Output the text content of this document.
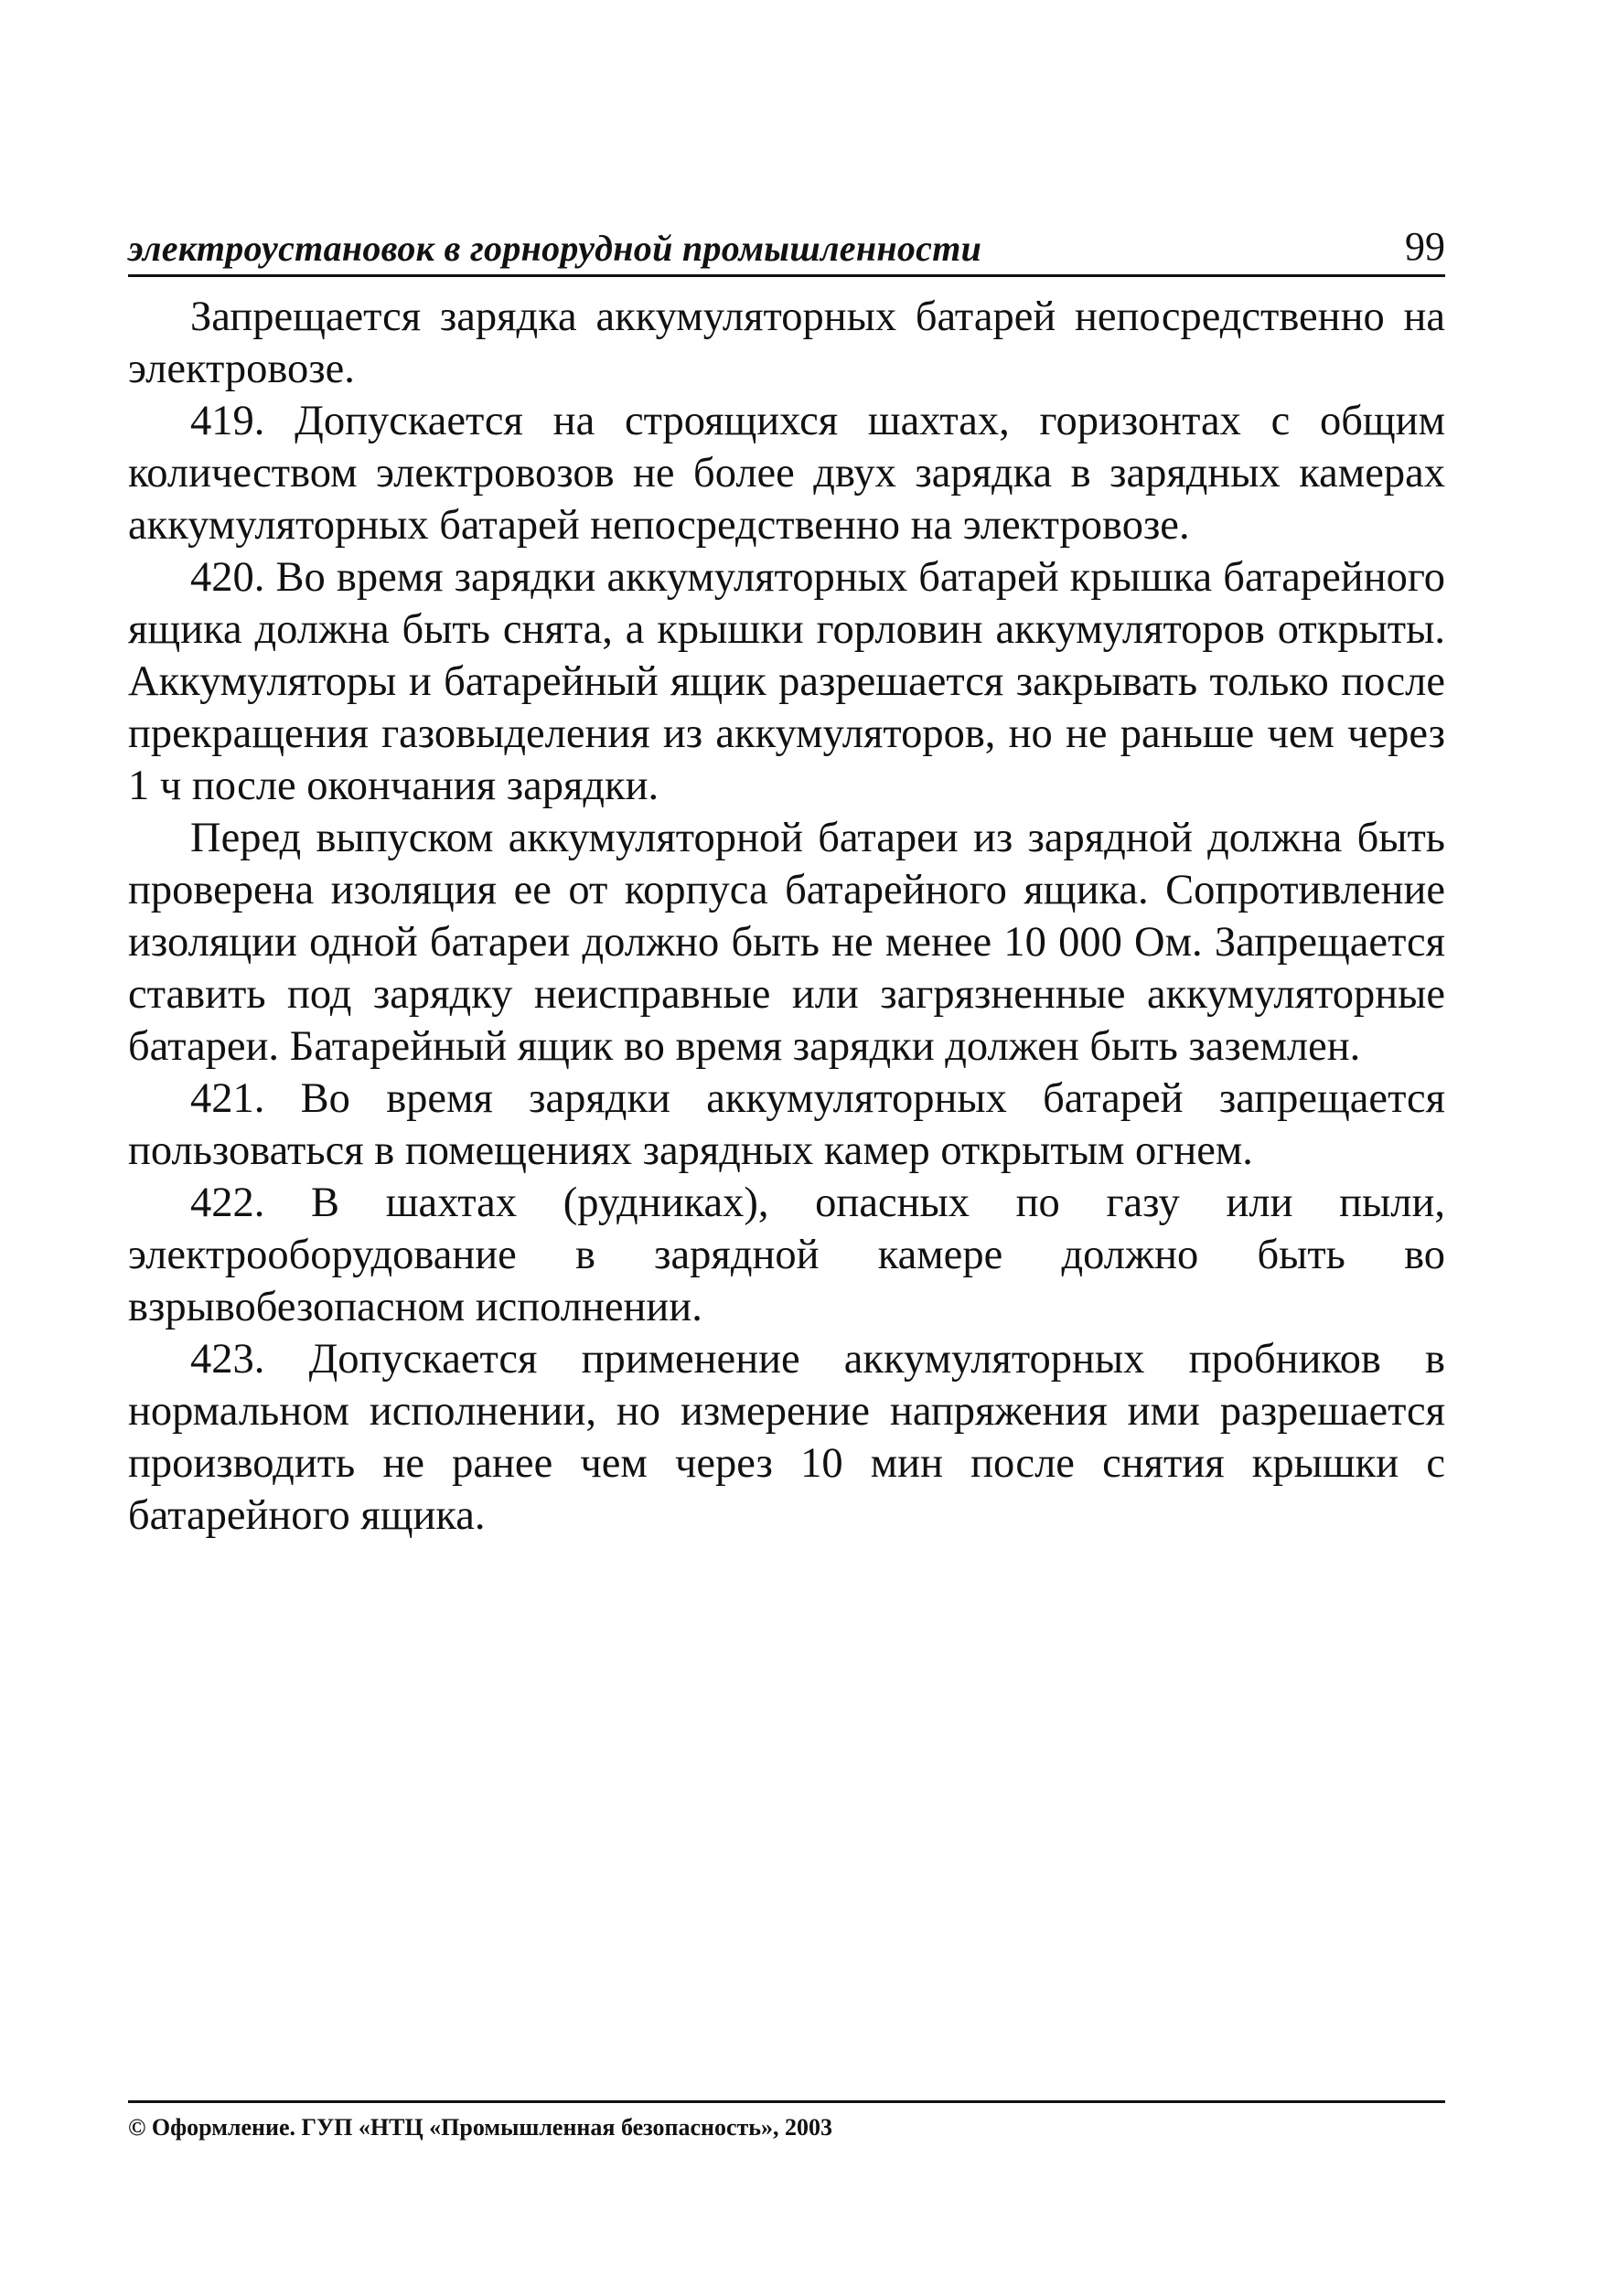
электроустановок в горнорудной промышленности	99

Запрещается зарядка аккумуляторных батарей непосредственно на электровозе.

419. Допускается на строящихся шахтах, горизонтах с общим количеством электровозов не более двух зарядка в зарядных камерах аккумуляторных батарей непосредственно на электровозе.

420. Во время зарядки аккумуляторных батарей крышка батарейного ящика должна быть снята, а крышки горловин аккумуляторов открыты. Аккумуляторы и батарейный ящик разрешается закрывать только после прекращения газовыделения из аккумуляторов, но не раньше чем через 1 ч после окончания зарядки.

Перед выпуском аккумуляторной батареи из зарядной должна быть проверена изоляция ее от корпуса батарейного ящика. Сопротивление изоляции одной батареи должно быть не менее 10 000 Ом. Запрещается ставить под зарядку неисправные или загрязненные аккумуляторные батареи. Батарейный ящик во время зарядки должен быть заземлен.

421. Во время зарядки аккумуляторных батарей запрещается пользоваться в помещениях зарядных камер открытым огнем.

422. В шахтах (рудниках), опасных по газу или пыли, электрооборудование в зарядной камере должно быть во взрывобезопасном исполнении.

423. Допускается применение аккумуляторных пробников в нормальном исполнении, но измерение напряжения ими разрешается производить не ранее чем через 10 мин после снятия крышки с батарейного ящика.

© Оформление. ГУП «НТЦ «Промышленная безопасность», 2003
